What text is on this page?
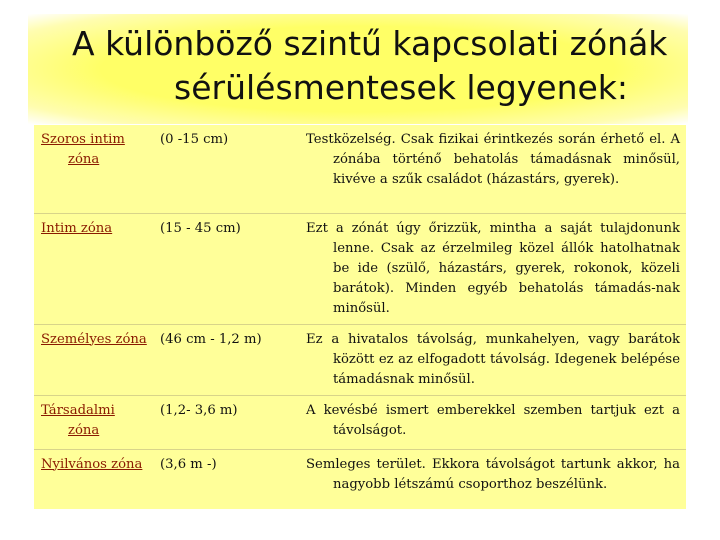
A különböző szintű kapcsolati zónák
sérülésmentesek legyenek:
Szoros intim zóna	(0 -15 cm)	Testközelség. Csak fizikai érintkezés során érhető el. A zónába történő behatolás támadásnak minősül, kivéve a szűk családot (házastárs, gyerek).
Intim zóna	(15 - 45 cm)	Ezt a zónát úgy őrizzük, mintha a saját tulajdonunk lenne. Csak az érzelmileg közel állók hatolhatnak be ide (szülő, házastárs, gyerek, rokonok, közeli barátok). Minden egyéb behatolás támadás-nak minősül.
Személyes zóna	(46 cm - 1,2 m)	Ez a hivatalos távolság, munkahelyen, vagy barátok között ez az elfogadott távolság. Idegenek belépése támadásnak minősül.
Társadalmi zóna	(1,2- 3,6 m)	A kevésbé ismert emberekkel szemben tartjuk ezt a távolságot.
Nyilvános zóna	(3,6 m -)	Semleges terület. Ekkora távolságot tartunk akkor, ha nagyobb létszámú csoporthoz beszélünk.
